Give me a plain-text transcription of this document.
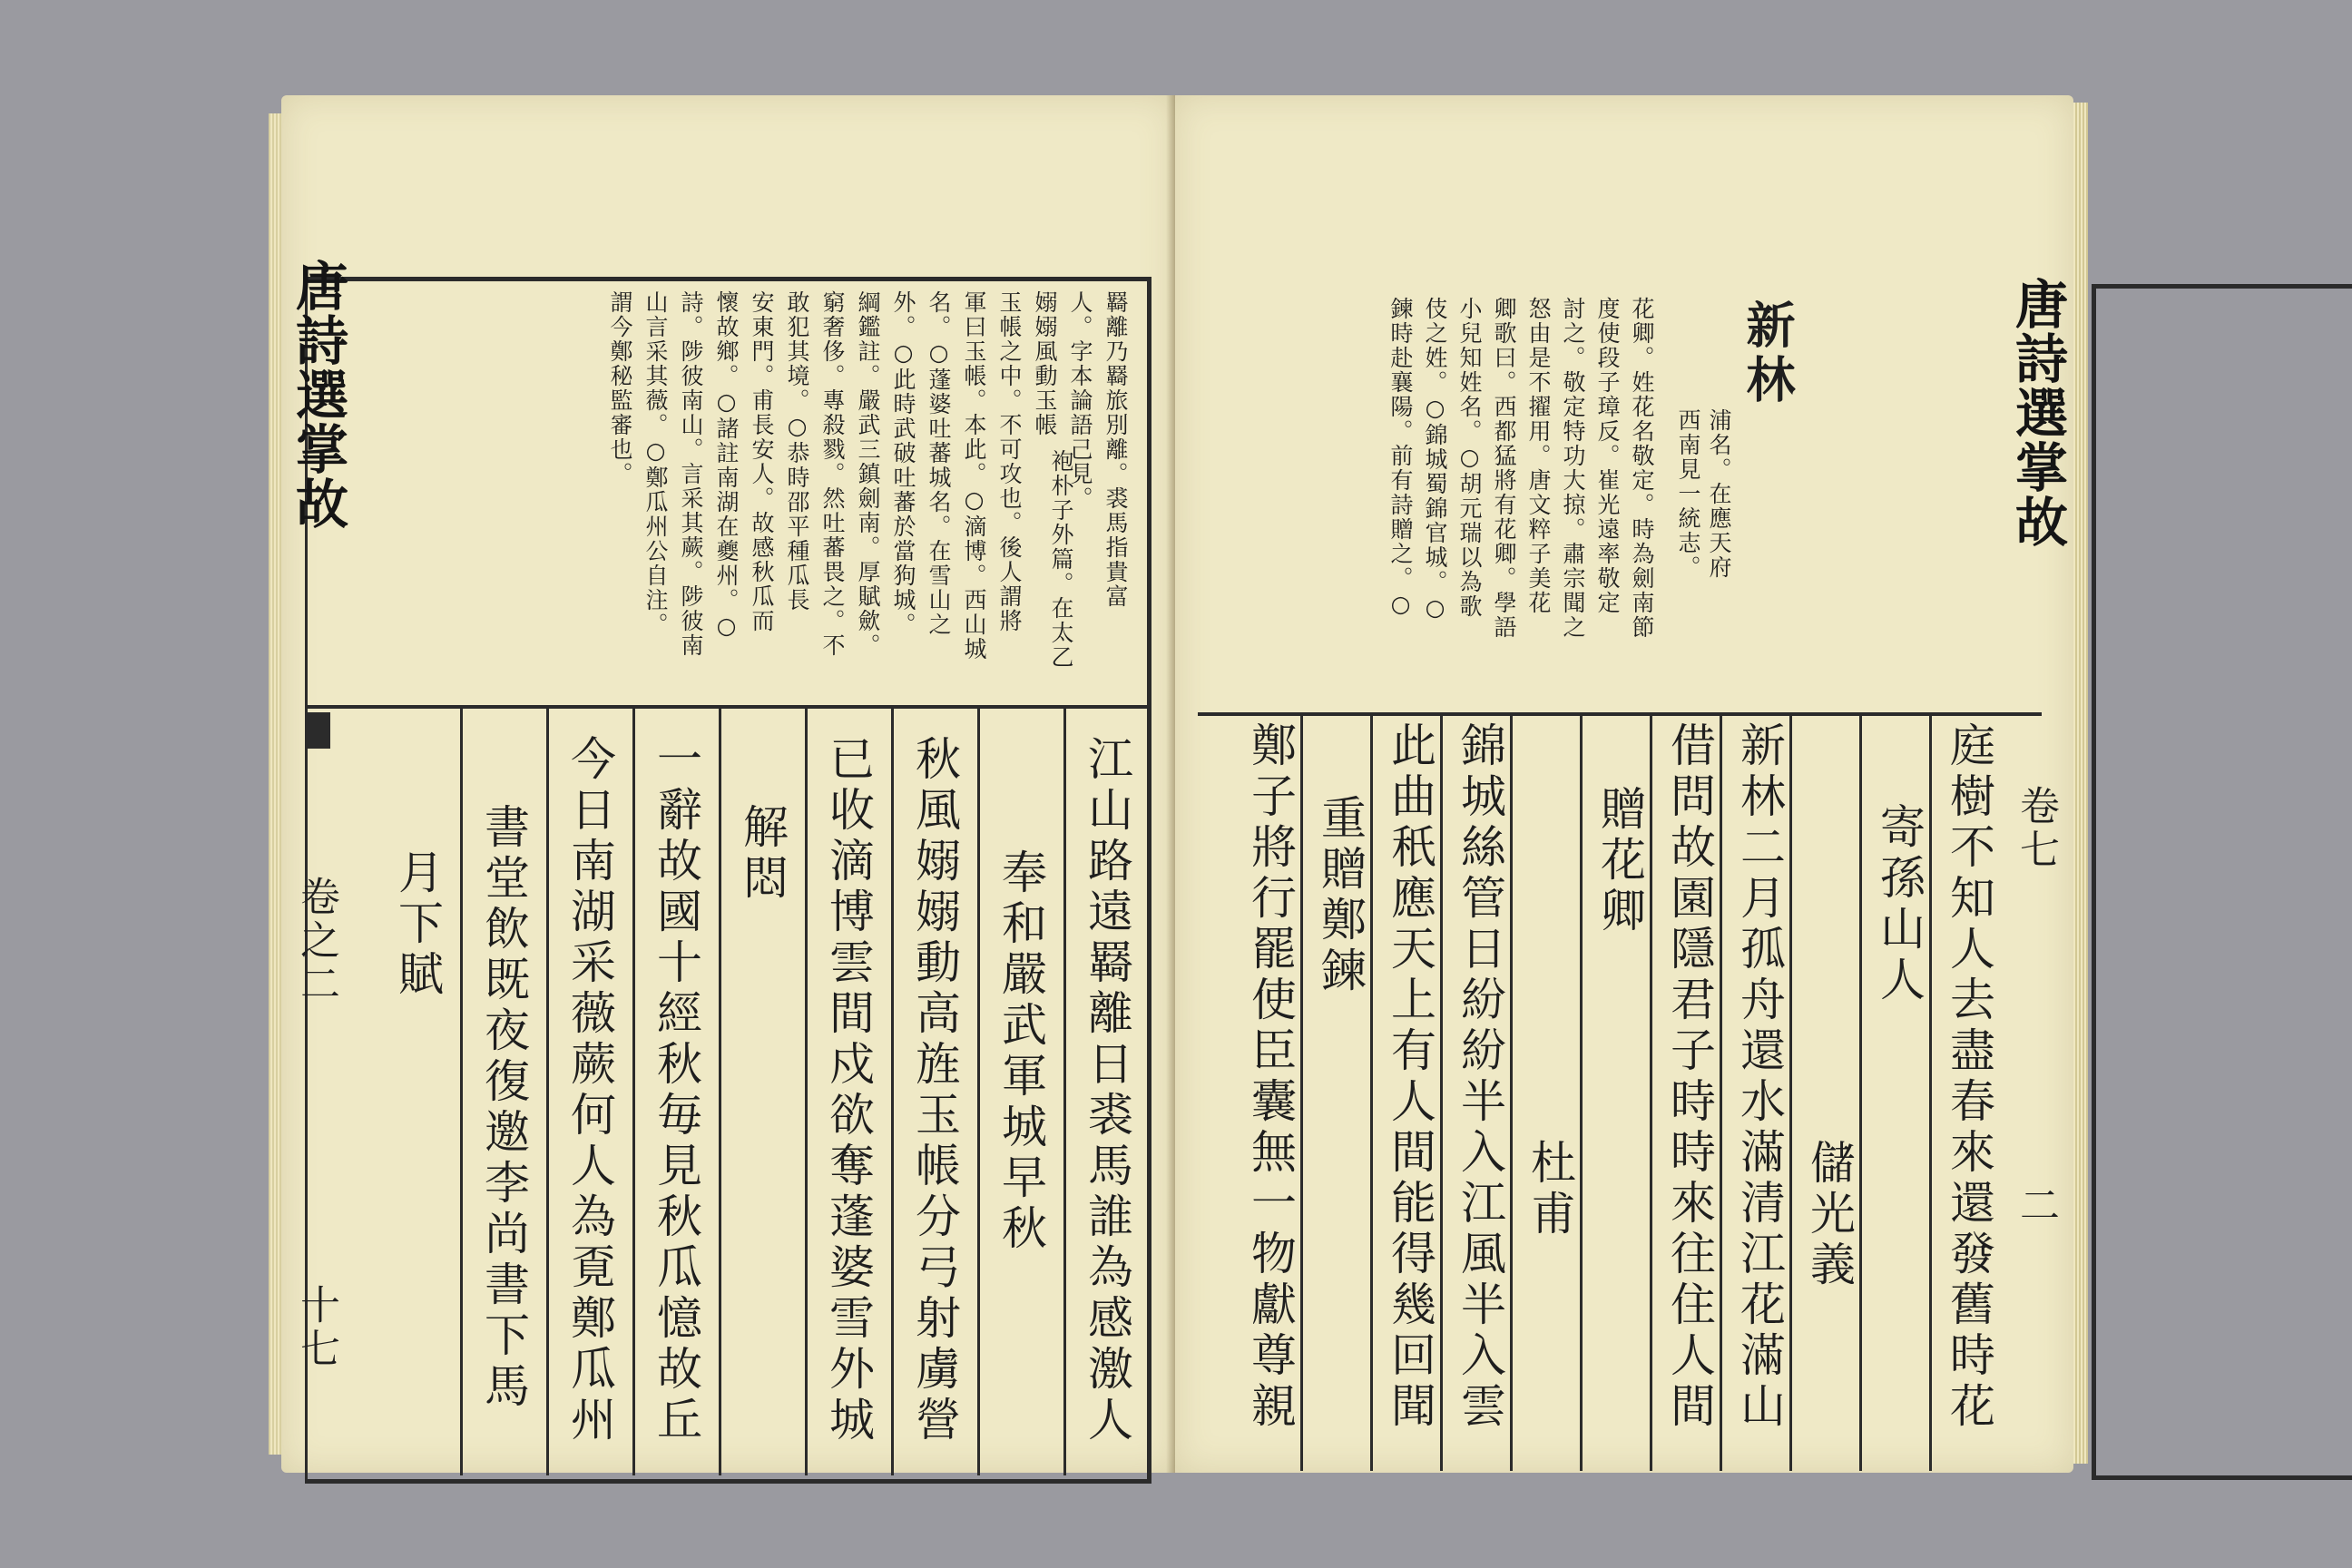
唐詩選掌故
卷之二
十七
袍朴子外篇。在太乙 羇離乃羇旅別離。裘馬指貴富
人。字本論語己見。
嫋嫋風動玉帳
玉帳之中。不可攻也。後人謂將
軍曰玉帳。本此。○滴博。西山城
名。○蓬婆吐蕃城名。在雪山之
外。○此時武破吐蕃於當狗城。
綱鑑註。嚴武三鎮劍南。厚賦歛。
窮奢侈。專殺戮。然吐蕃畏之。不
敢犯其境。○恭時邵平種瓜長
安東門。甫長安人。故感秋瓜而
懷故鄉。○諸註南湖在夔州。○
詩。陟彼南山。言采其蕨。陟彼南
山言采其薇。○鄭瓜州公自注。
謂今鄭秘監審也。
江山路遠羇離日裘馬誰為感激人
奉和嚴武軍城早秋
秋風嫋嫋動高旌玉帳分弓射虜營
已收滴博雲間戍欲奪蓬婆雪外城
解悶
一辭故國十經秋毎見秋瓜憶故丘
今日南湖采薇蕨何人為覔鄭瓜州
書堂飲既夜復邀李尚書下馬
月下賦
唐詩選掌故
卷七
二
新林
浦名。在應天府
西南見一統志。
花卿。姓花名敬定。時為劍南節
度使段子璋反。崔光遠率敬定
討之。敬定特功大掠。肅宗聞之
怒由是不擢用。唐文粹子美花
卿歌曰。西都猛將有花卿。學語
小兒知姓名。○胡元瑞以為歌
伎之姓。○錦城蜀錦官城。○
鍊時赴襄陽。前有詩贈之。○
庭樹不知人去盡春來還發舊時花
寄孫山人
儲光義
新林二月孤舟還水滿清江花滿山
借問故園隱君子時時來往住人間
贈花卿
杜甫
錦城絲管日紛紛半入江風半入雲
此曲秖應天上有人間能得幾回聞
重贈鄭鍊
鄭子將行罷使臣囊無一物獻尊親
